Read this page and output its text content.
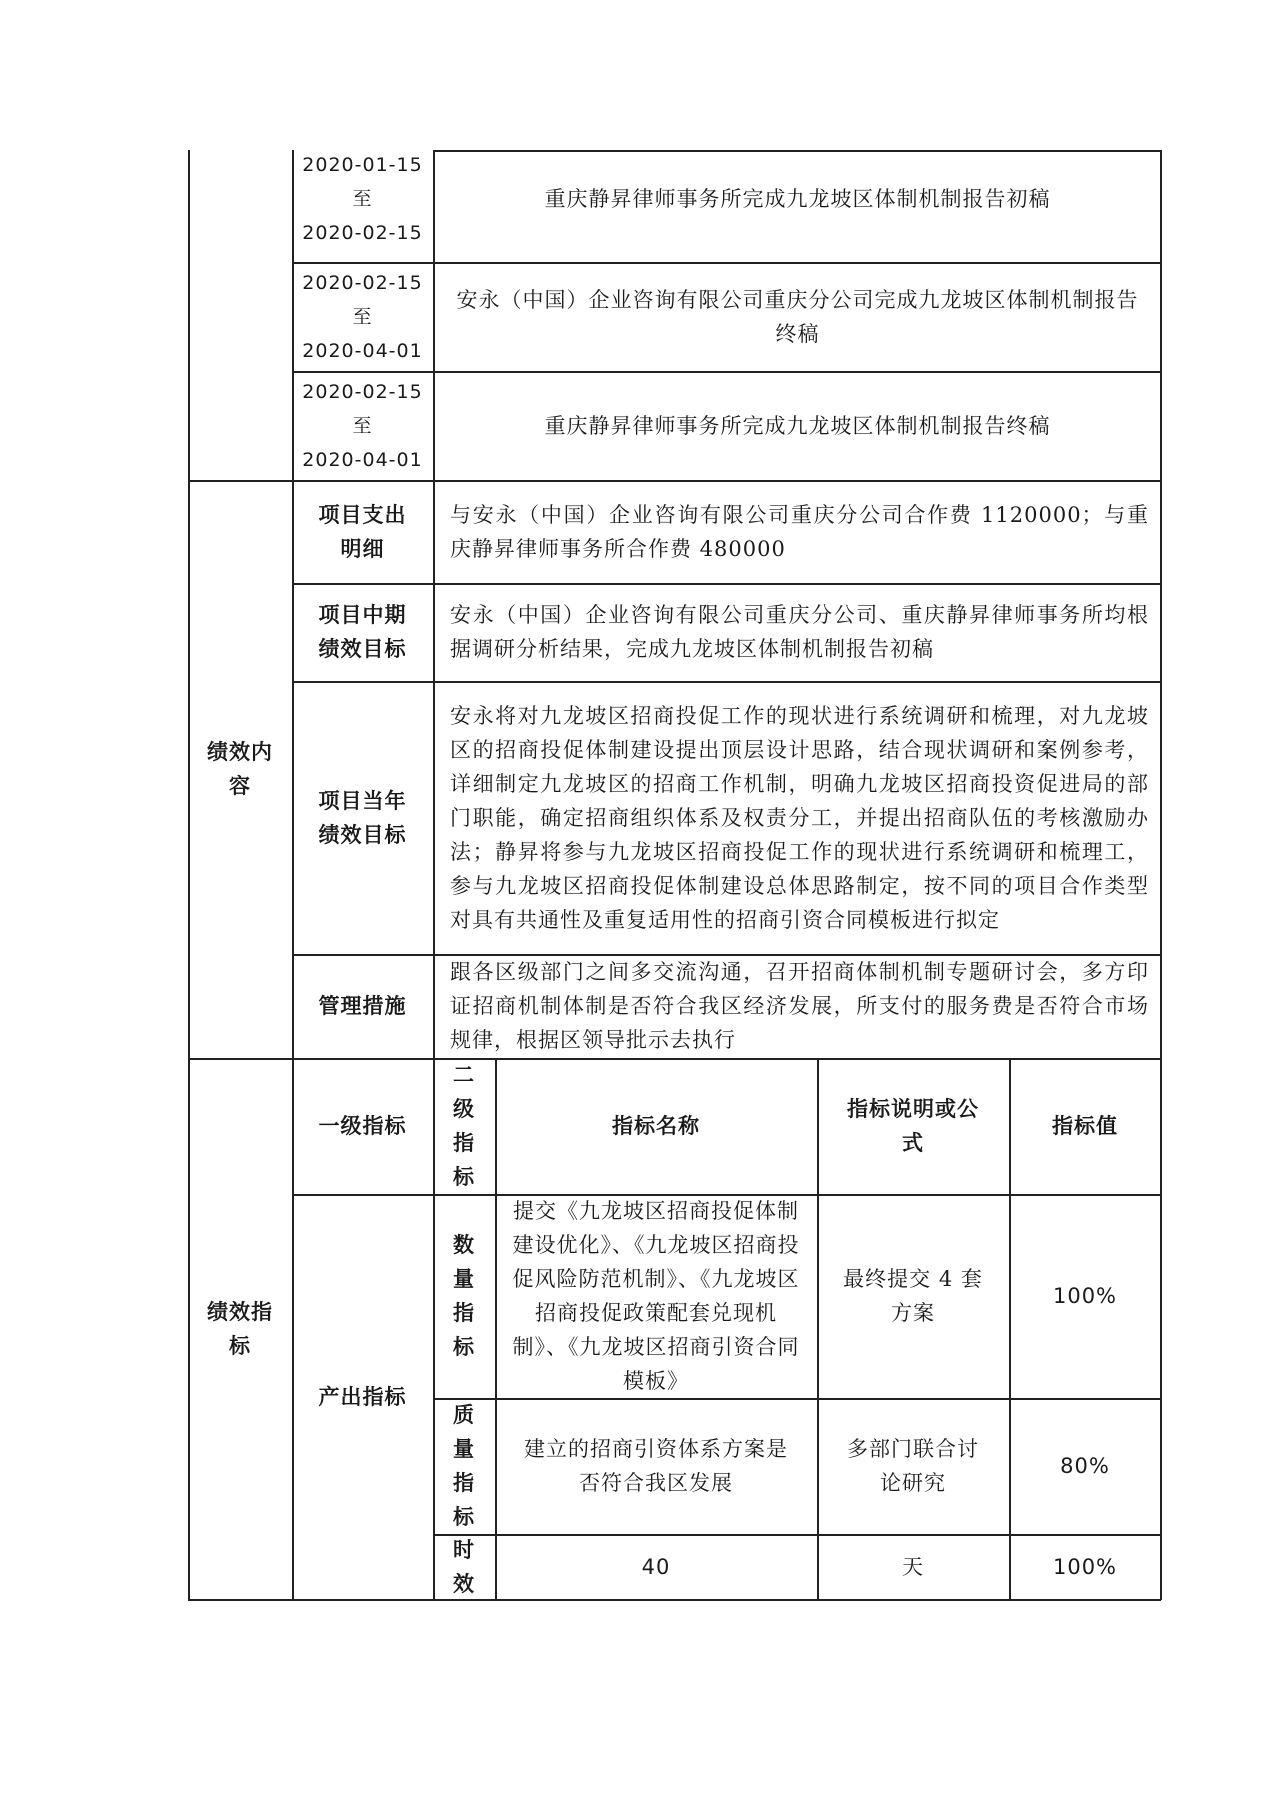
2020-01-15
至
2020-02-15
重庆静昇律师事务所完成九龙坡区体制机制报告初稿
2020-02-15
至
2020-04-01
安永（中国）企业咨询有限公司重庆分公司完成九龙坡区体制机制报告终稿
2020-02-15
至
2020-04-01
重庆静昇律师事务所完成九龙坡区体制机制报告终稿
绩效内容
项目支出明细
与安永（中国）企业咨询有限公司重庆分公司合作费 1120000；与重庆静昇律师事务所合作费 480000
项目中期绩效目标
安永（中国）企业咨询有限公司重庆分公司、重庆静昇律师事务所均根据调研分析结果，完成九龙坡区体制机制报告初稿
项目当年绩效目标
安永将对九龙坡区招商投促工作的现状进行系统调研和梳理，对九龙坡区的招商投促体制建设提出顶层设计思路，结合现状调研和案例参考，详细制定九龙坡区的招商工作机制，明确九龙坡区招商投资促进局的部门职能，确定招商组织体系及权责分工，并提出招商队伍的考核激励办法；静昇将参与九龙坡区招商投促工作的现状进行系统调研和梳理工，参与九龙坡区招商投促体制建设总体思路制定，按不同的项目合作类型对具有共通性及重复适用性的招商引资合同模板进行拟定
管理措施
跟各区级部门之间多交流沟通，召开招商体制机制专题研讨会，多方印证招商机制体制是否符合我区经济发展，所支付的服务费是否符合市场规律，根据区领导批示去执行
绩效指标
一级指标
二级指标
指标名称
指标说明或公式
指标值
产出指标
数量指标
提交《九龙坡区招商投促体制建设优化》、《九龙坡区招商投促风险防范机制》、《九龙坡区招商投促政策配套兑现机制》、《九龙坡区招商引资合同模板》
最终提交 4 套方案
100%
质量指标
建立的招商引资体系方案是否符合我区发展
多部门联合讨论研究
80%
时效
40	天	100%
